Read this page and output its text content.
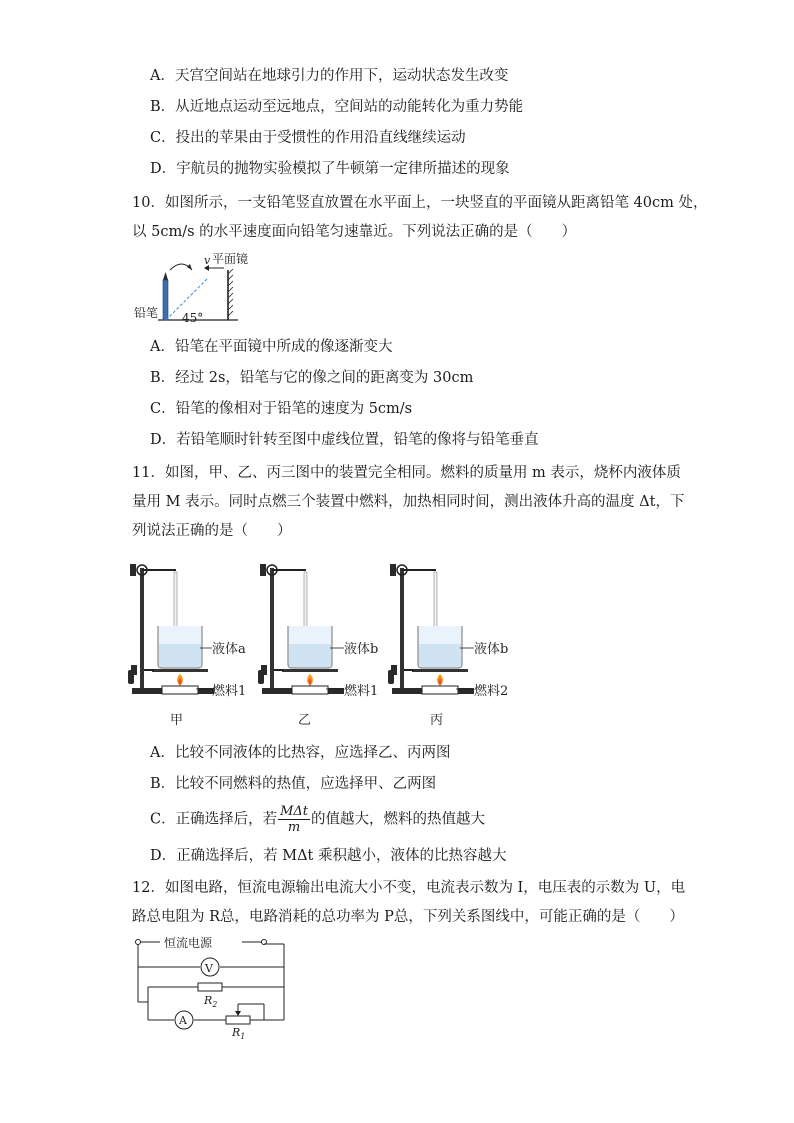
A．天宫空间站在地球引力的作用下，运动状态发生改变
B．从近地点运动至远地点，空间站的动能转化为重力势能
C．投出的苹果由于受惯性的作用沿直线继续运动
D．宇航员的抛物实验模拟了牛顿第一定律所描述的现象
10．如图所示，一支铅笔竖直放置在水平面上，一块竖直的平面镜从距离铅笔 40cm 处，
以 5cm/s 的水平速度面向铅笔匀速靠近。下列说法正确的是（　　）
v 平面镜
铅笔 45°
A．铅笔在平面镜中所成的像逐渐变大
B．经过 2s，铅笔与它的像之间的距离变为 30cm
C．铅笔的像相对于铅笔的速度为 5cm/s
D．若铅笔顺时针转至图中虚线位置，铅笔的像将与铅笔垂直
11．如图，甲、乙、丙三图中的装置完全相同。燃料的质量用 m 表示，烧杯内液体质
量用 M 表示。同时点燃三个装置中燃料，加热相同时间，测出液体升高的温度 Δt，下
列说法正确的是（　　）
液体a
燃料1
甲
液体b
燃料1
乙
液体b
燃料2
丙
A．比较不同液体的比热容，应选择乙、丙两图
B．比较不同燃料的热值，应选择甲、乙两图
C．正确选择后，若 $\frac{\text{MΔt}}{m}$ 的值越大，燃料的热值越大
D．正确选择后，若 MΔt 乘积越小，液体的比热容越大
12．如图电路，恒流电源输出电流大小不变，电流表示数为 I，电压表的示数为 U，电
路总电阻为 R总，电路消耗的总功率为 P总，下列关系图线中，可能正确的是（　　）
恒流电源
V
$R_2$
A
$R_1$
